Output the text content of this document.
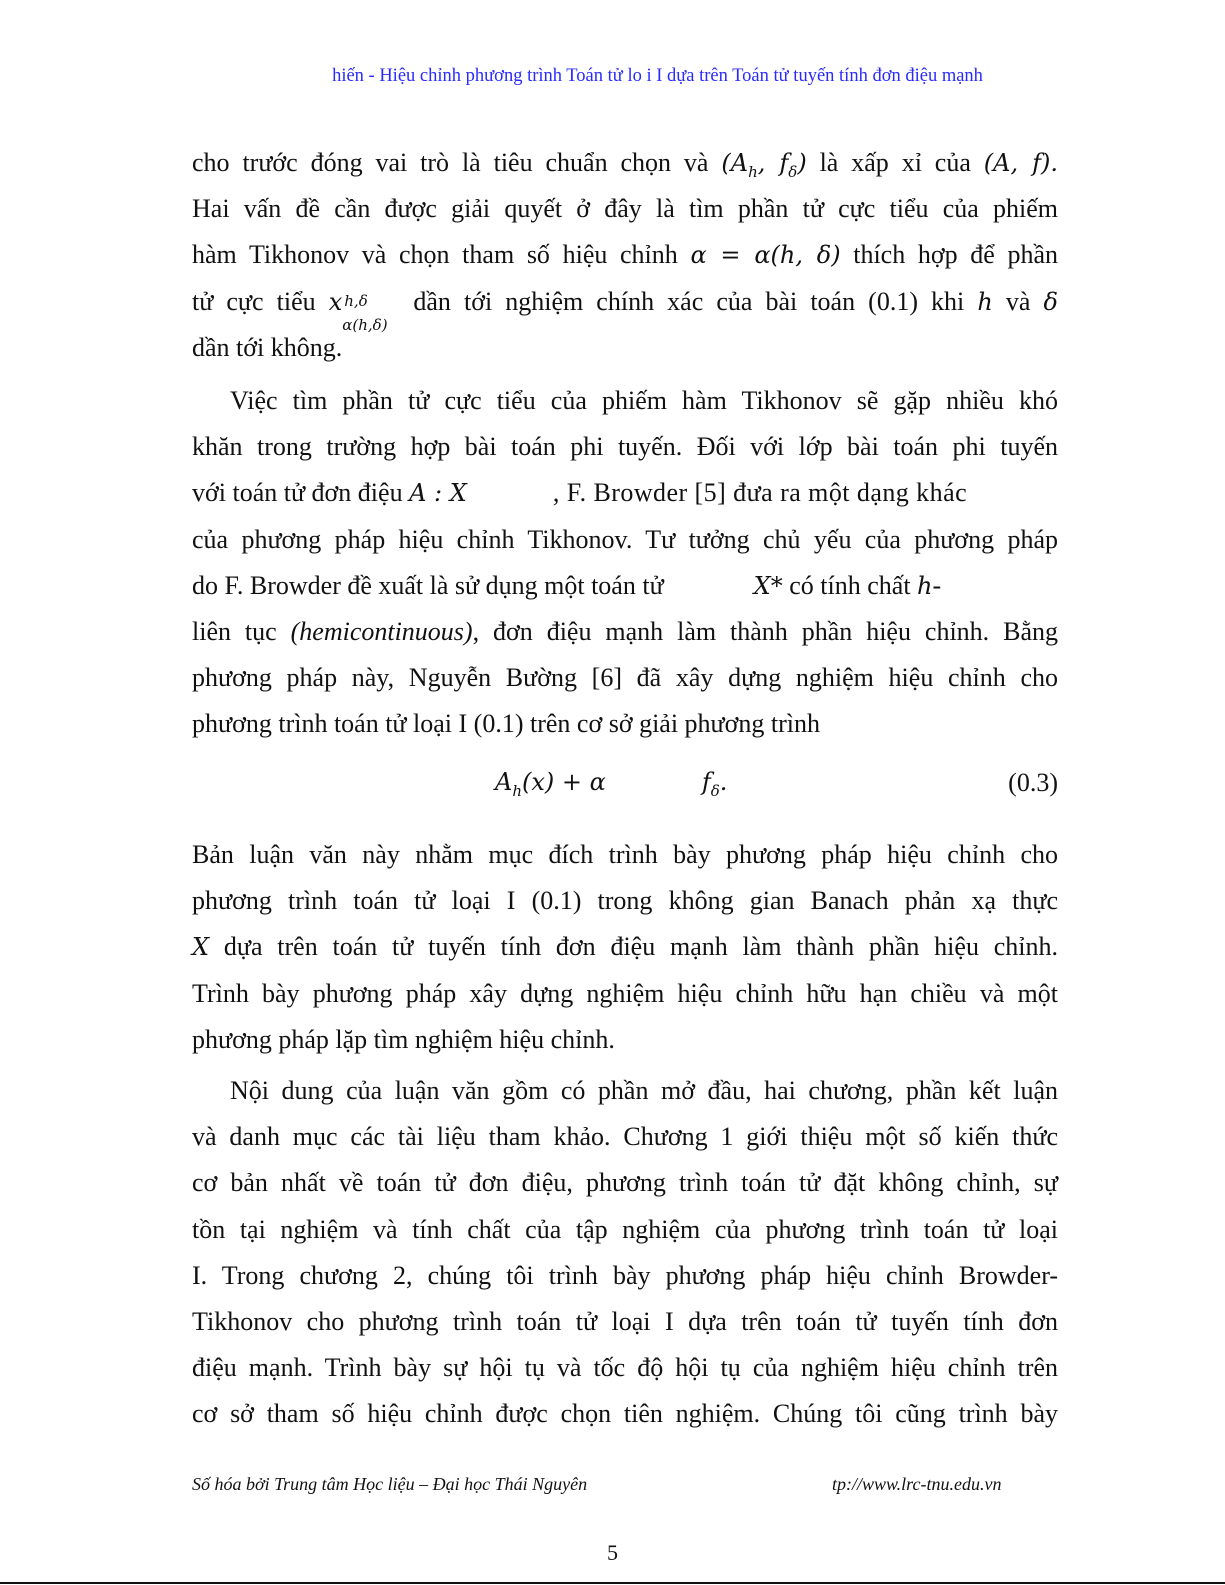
hiến - Hiệu chỉnh phương trình Toán tử lo i I dựa trên Toán tử tuyến tính đơn điệu mạnh
cho trước đóng vai trò là tiêu chuẩn chọn và ($A_h$, $f_\delta$) là xấp xỉ của (A, f).
Hai vấn đề cần được giải quyết ở đây là tìm phần tử cực tiểu của phiếm
hàm Tikhonov và chọn tham số hiệu chỉnh α = α(h, δ) thích hợp để phần
tử cực tiểu x h,δ
α(h,δ)
dần tới nghiệm chính xác của bài toán (0.1) khi h và δ
dần tới không.
Việc tìm phần tử cực tiểu của phiếm hàm Tikhonov sẽ gặp nhiều khó
khăn trong trường hợp bài toán phi tuyến. Đối với lớp bài toán phi tuyến
với toán tử đơn điệu A : X	, F. Browder [5] đưa ra một dạng khác
của phương pháp hiệu chỉnh Tikhonov. Tư tưởng chủ yếu của phương pháp
do F. Browder đề xuất là sử dụng một toán tử	X* có tính chất h-
liên tục (hemicontinuous), đơn điệu mạnh làm thành phần hiệu chỉnh. Bằng
phương pháp này, Nguyễn Bường [6] đã xây dựng nghiệm hiệu chỉnh cho
phương trình toán tử loại I (0.1) trên cơ sở giải phương trình
$A_h(x) + \alpha$	$f_\delta$.	(0.3)
Bản luận văn này nhằm mục đích trình bày phương pháp hiệu chỉnh cho
phương trình toán tử loại I (0.1) trong không gian Banach phản xạ thực
X dựa trên toán tử tuyến tính đơn điệu mạnh làm thành phần hiệu chỉnh.
Trình bày phương pháp xây dựng nghiệm hiệu chỉnh hữu hạn chiều và một
phương pháp lặp tìm nghiệm hiệu chỉnh.
Nội dung của luận văn gồm có phần mở đầu, hai chương, phần kết luận
và danh mục các tài liệu tham khảo. Chương 1 giới thiệu một số kiến thức
cơ bản nhất về toán tử đơn điệu, phương trình toán tử đặt không chỉnh, sự
tồn tại nghiệm và tính chất của tập nghiệm của phương trình toán tử loại
I. Trong chương 2, chúng tôi trình bày phương pháp hiệu chỉnh Browder-
Tikhonov cho phương trình toán tử loại I dựa trên toán tử tuyến tính đơn
điệu mạnh. Trình bày sự hội tụ và tốc độ hội tụ của nghiệm hiệu chỉnh trên
cơ sở tham số hiệu chỉnh được chọn tiên nghiệm. Chúng tôi cũng trình bày
Số hóa bởi Trung tâm Học liệu – Đại học Thái Nguyên	tp://www.lrc-tnu.edu.vn
5
